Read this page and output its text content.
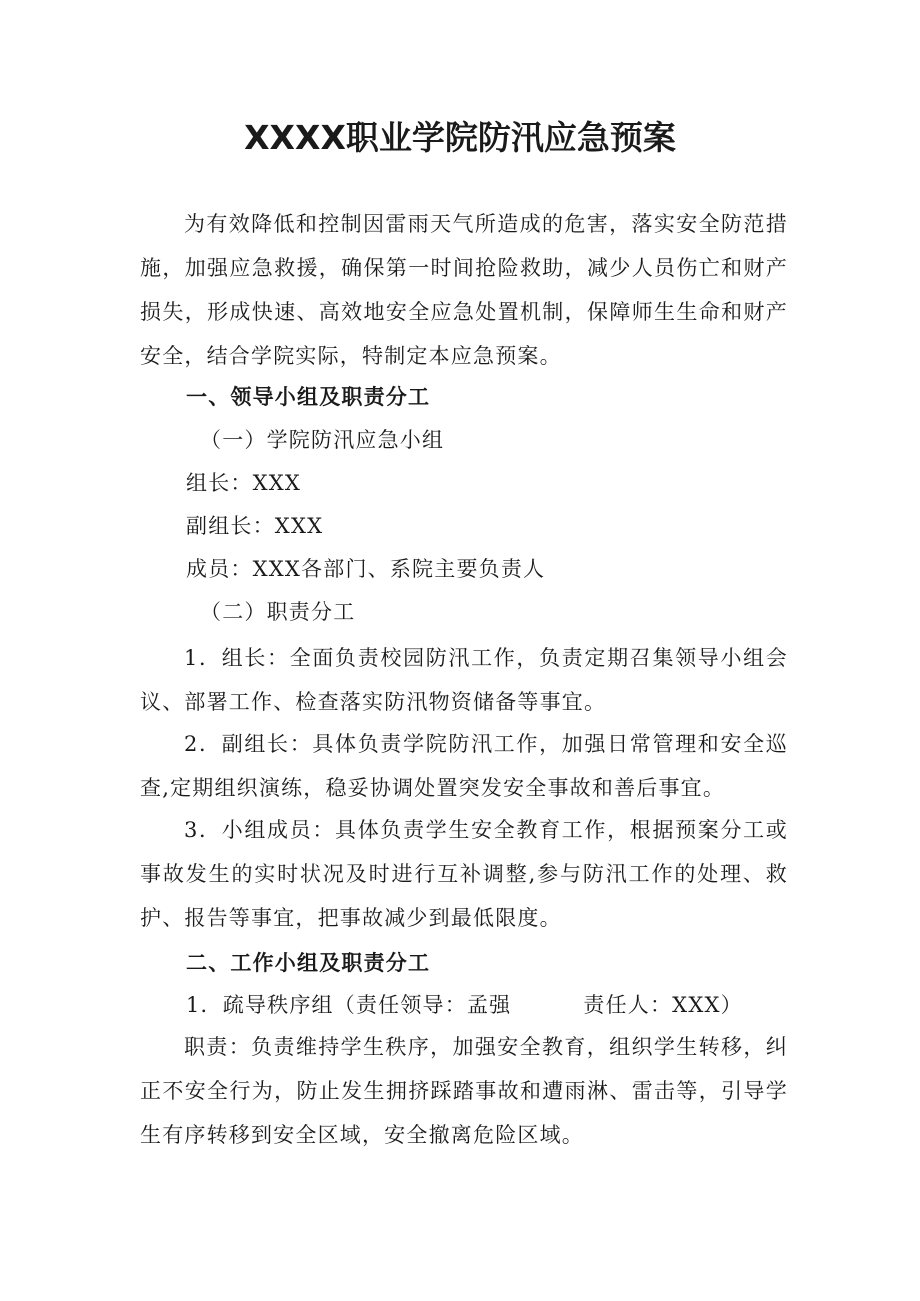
XXXX职业学院防汛应急预案

为有效降低和控制因雷雨天气所造成的危害，落实安全防范措施，加强应急救援，确保第一时间抢险救助，减少人员伤亡和财产损失，形成快速、高效地安全应急处置机制，保障师生生命和财产安全，结合学院实际，特制定本应急预案。

一、领导小组及职责分工

（一）学院防汛应急小组

组长：XXX

副组长：XXX

成员：XXX各部门、系院主要负责人

（二）职责分工

1．组长：全面负责校园防汛工作，负责定期召集领导小组会议、部署工作、检查落实防汛物资储备等事宜。

2．副组长：具体负责学院防汛工作，加强日常管理和安全巡查,定期组织演练，稳妥协调处置突发安全事故和善后事宜。

3．小组成员：具体负责学生安全教育工作，根据预案分工或事故发生的实时状况及时进行互补调整,参与防汛工作的处理、救护、报告等事宜，把事故减少到最低限度。

二、工作小组及职责分工

1．疏导秩序组（责任领导：孟强	责任人：XXX）

职责：负责维持学生秩序，加强安全教育，组织学生转移，纠正不安全行为，防止发生拥挤踩踏事故和遭雨淋、雷击等，引导学生有序转移到安全区域，安全撤离危险区域。
